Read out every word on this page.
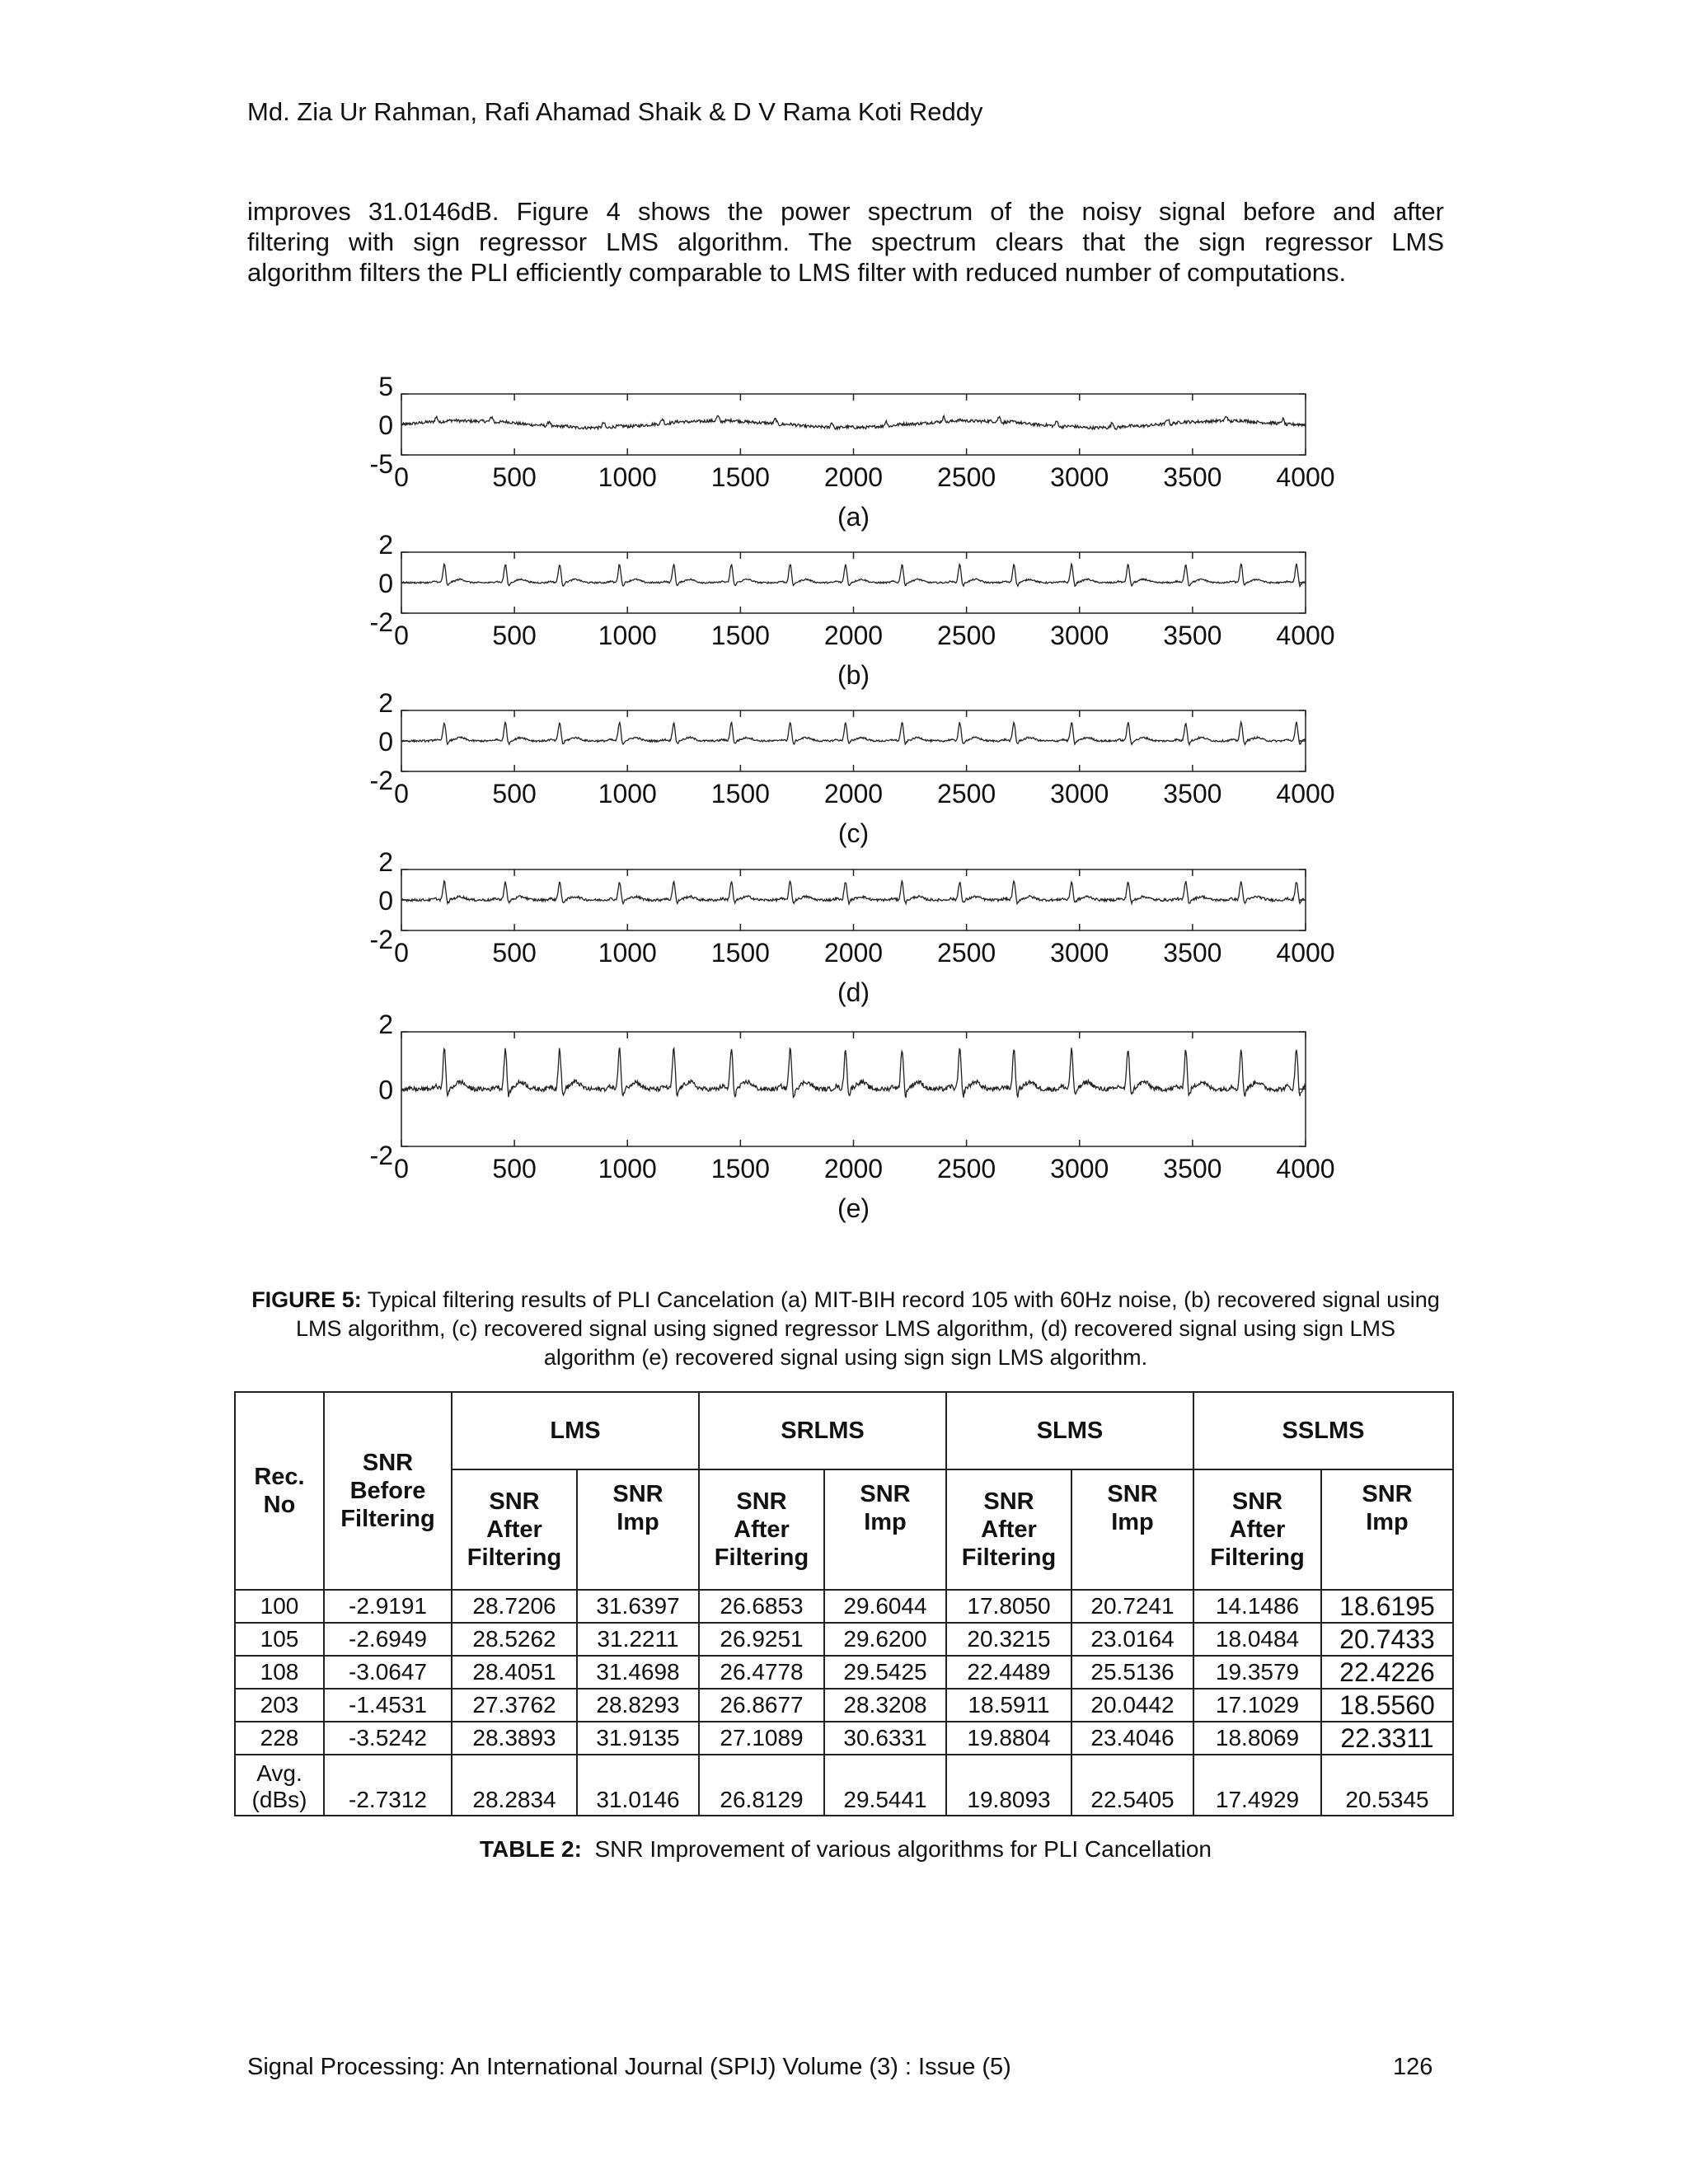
Md. Zia Ur Rahman, Rafi Ahamad Shaik & D V Rama Koti Reddy
improves 31.0146dB. Figure 4 shows the power spectrum of the noisy signal before and after
filtering with sign regressor LMS algorithm. The spectrum clears that the sign regressor LMS
algorithm filters the PLI efficiently comparable to LMS filter with reduced number of computations.
0	500 1000 1500 2000 2500 3000 3500 4000
5
0
-5
(a)
0	500 1000 1500 2000 2500 3000 3500 4000
2
0
-2
(b)
0	500 1000 1500 2000 2500 3000 3500 4000
2
0
-2
(c)
0	500 1000 1500 2000 2500 3000 3500 4000
2
0
-2
(d)
0	500 1000 1500 2000 2500 3000 3500 4000
2
0
-2
(e)
FIGURE 5: Typical filtering results of PLI Cancelation (a) MIT-BIH record 105 with 60Hz noise, (b) recovered signal using LMS algorithm, (c) recovered signal using signed regressor LMS algorithm, (d) recovered signal using sign LMS algorithm (e) recovered signal using sign sign LMS algorithm.
Rec. No	SNR Before Filtering	LMS		SRLMS		SLMS		SSLMS	
		SNR After Filtering	SNR Imp	SNR After Filtering	SNR Imp	SNR After Filtering	SNR Imp	SNR After Filtering	SNR Imp
100	-2.9191	28.7206	31.6397	26.6853	29.6044	17.8050	20.7241	14.1486	18.6195
105	-2.6949	28.5262	31.2211	26.9251	29.6200	20.3215	23.0164	18.0484	20.7433
108	-3.0647	28.4051	31.4698	26.4778	29.5425	22.4489	25.5136	19.3579	22.4226
203	-1.4531	27.3762	28.8293	26.8677	28.3208	18.5911	20.0442	17.1029	18.5560
228	-3.5242	28.3893	31.9135	27.1089	30.6331	19.8804	23.4046	18.8069	22.3311
Avg. (dBs)	-2.7312	28.2834	31.0146	26.8129	29.5441	19.8093	22.5405	17.4929	20.5345
TABLE 2:  SNR Improvement of various algorithms for PLI Cancellation
Signal Processing: An International Journal (SPIJ) Volume (3) : Issue (5)	126
